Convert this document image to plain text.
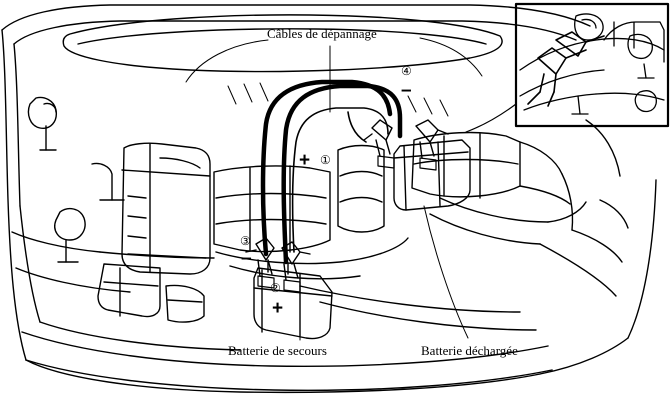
Câbles de dépannage
Batterie de secours	Batterie déchargée
①
②
③
④
+
+
–
–
